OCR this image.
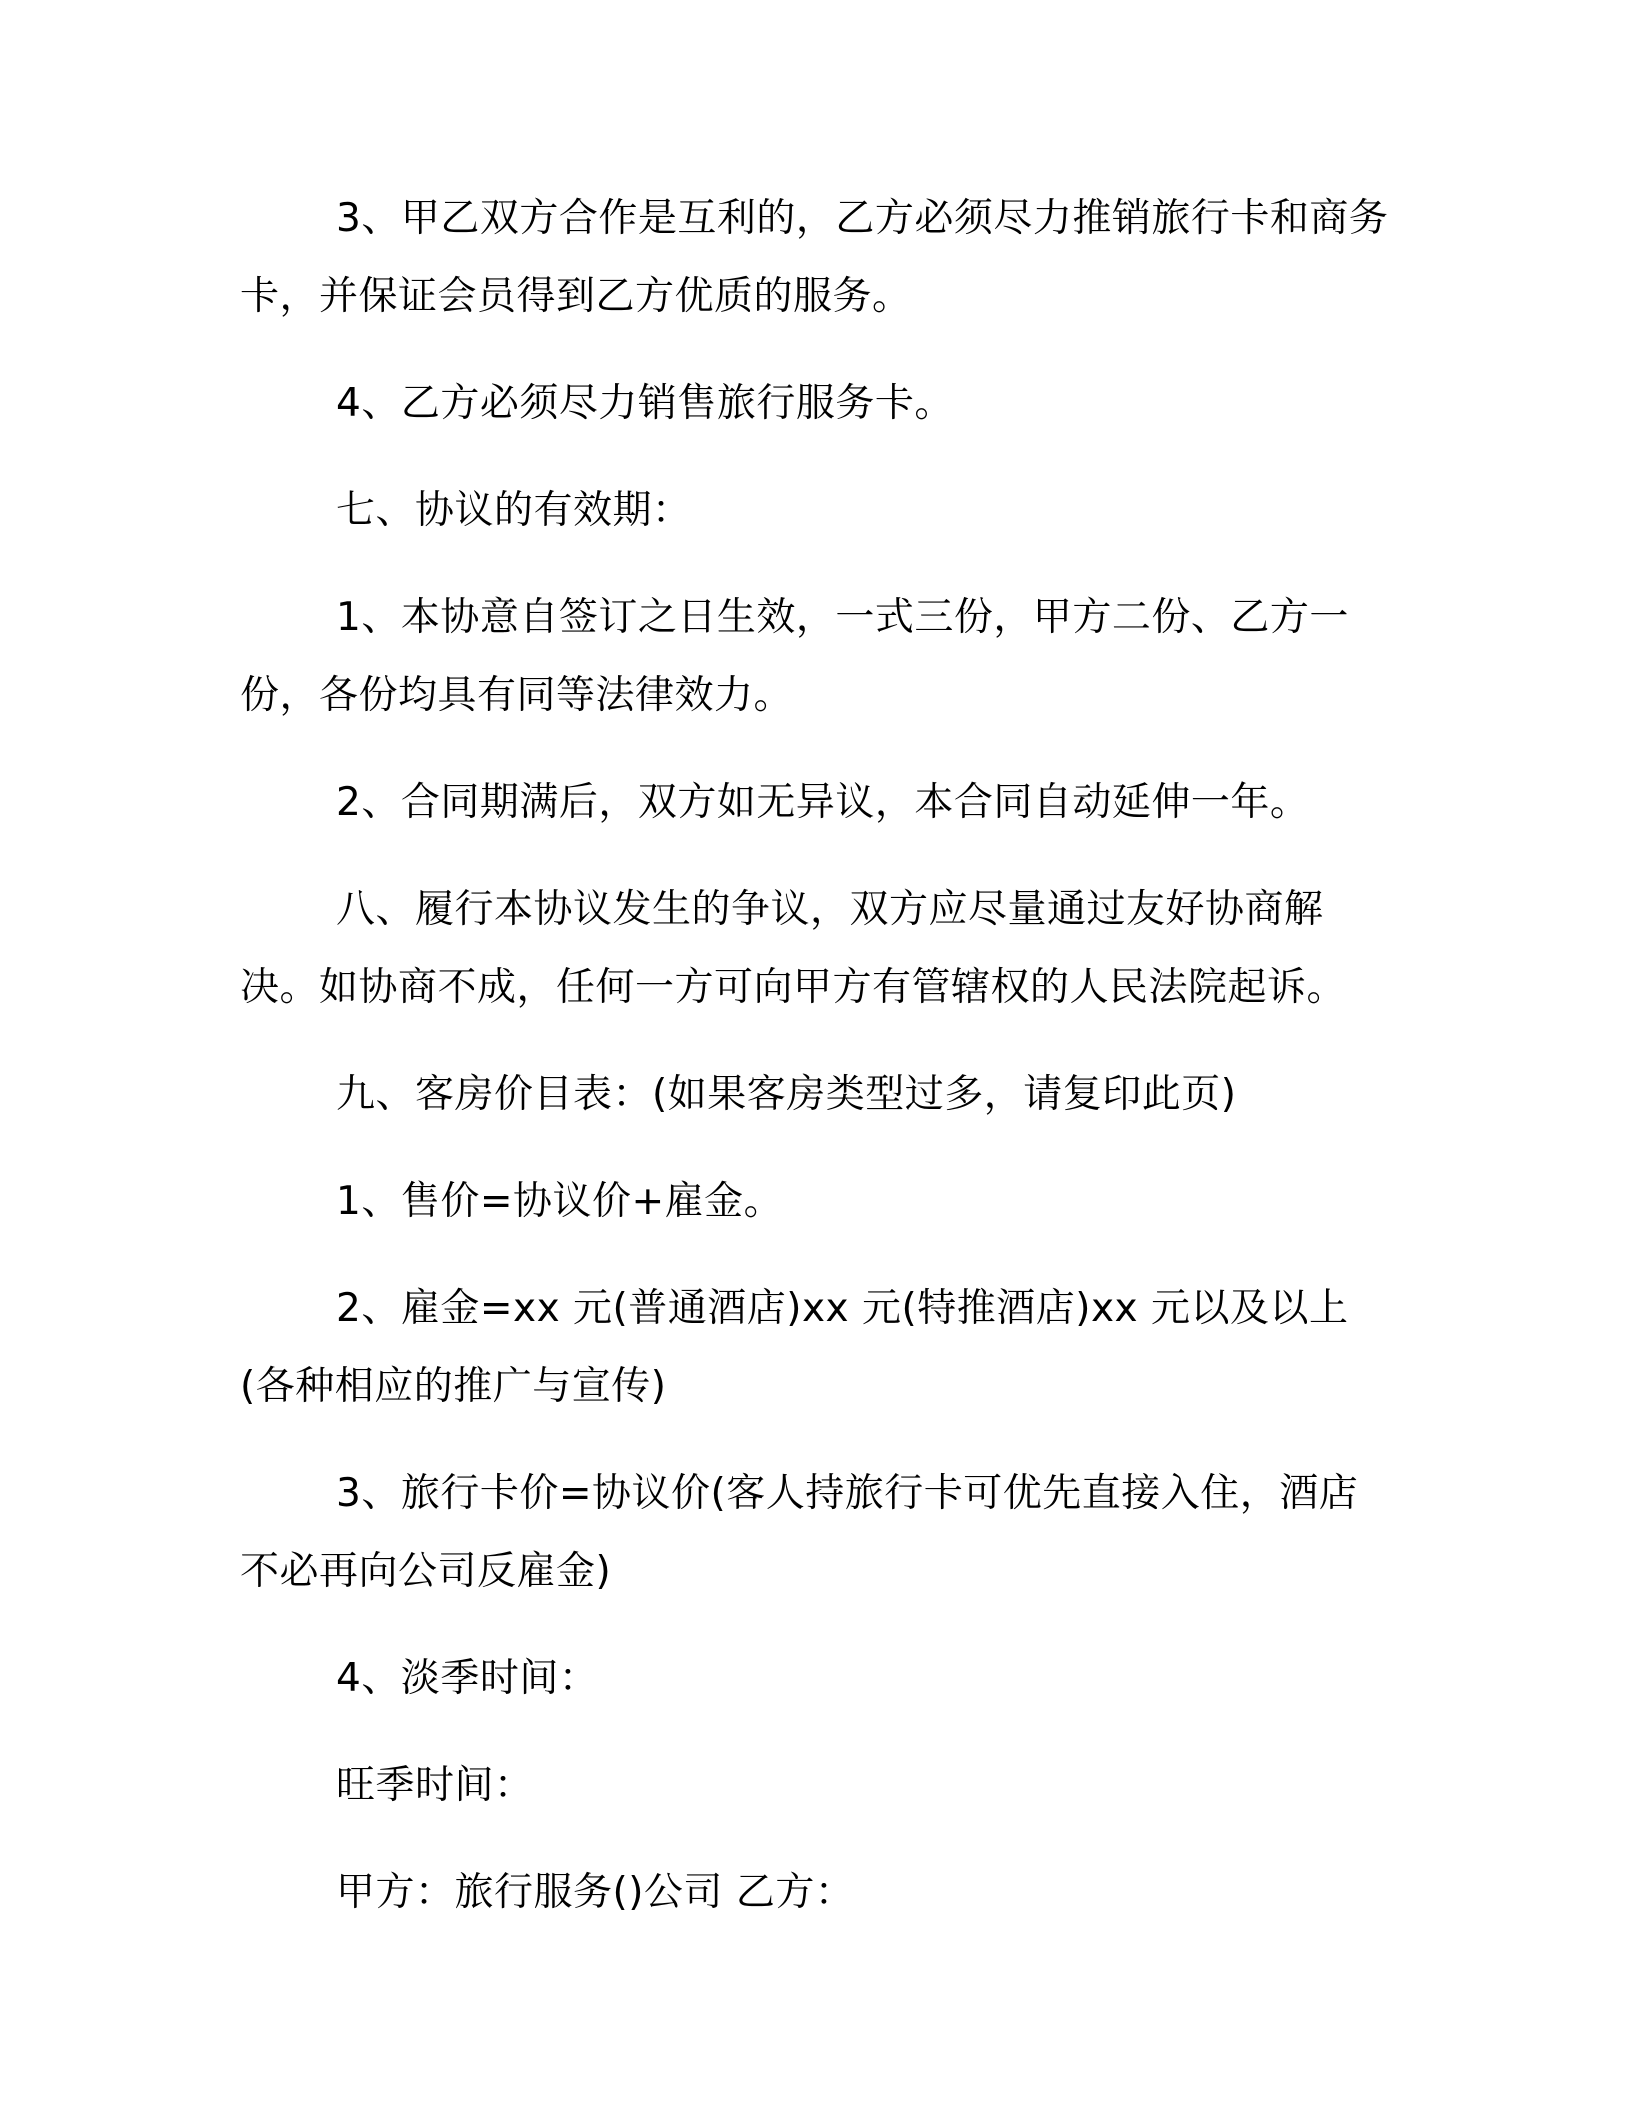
3、甲乙双方合作是互利的，乙方必须尽力推销旅行卡和商务卡，并保证会员得到乙方优质的服务。

4、乙方必须尽力销售旅行服务卡。

七、协议的有效期：

1、本协意自签订之日生效，一式三份，甲方二份、乙方一份，各份均具有同等法律效力。

2、合同期满后，双方如无异议，本合同自动延伸一年。

八、履行本协议发生的争议，双方应尽量通过友好协商解决。如协商不成，任何一方可向甲方有管辖权的人民法院起诉。

九、客房价目表：(如果客房类型过多，请复印此页)

1、售价=协议价+雇金。

2、雇金=xx 元(普通酒店)xx 元(特推酒店)xx 元以及以上(各种相应的推广与宣传)

3、旅行卡价=协议价(客人持旅行卡可优先直接入住，酒店不必再向公司反雇金)

4、淡季时间：

旺季时间：

甲方：旅行服务()公司 乙方：
